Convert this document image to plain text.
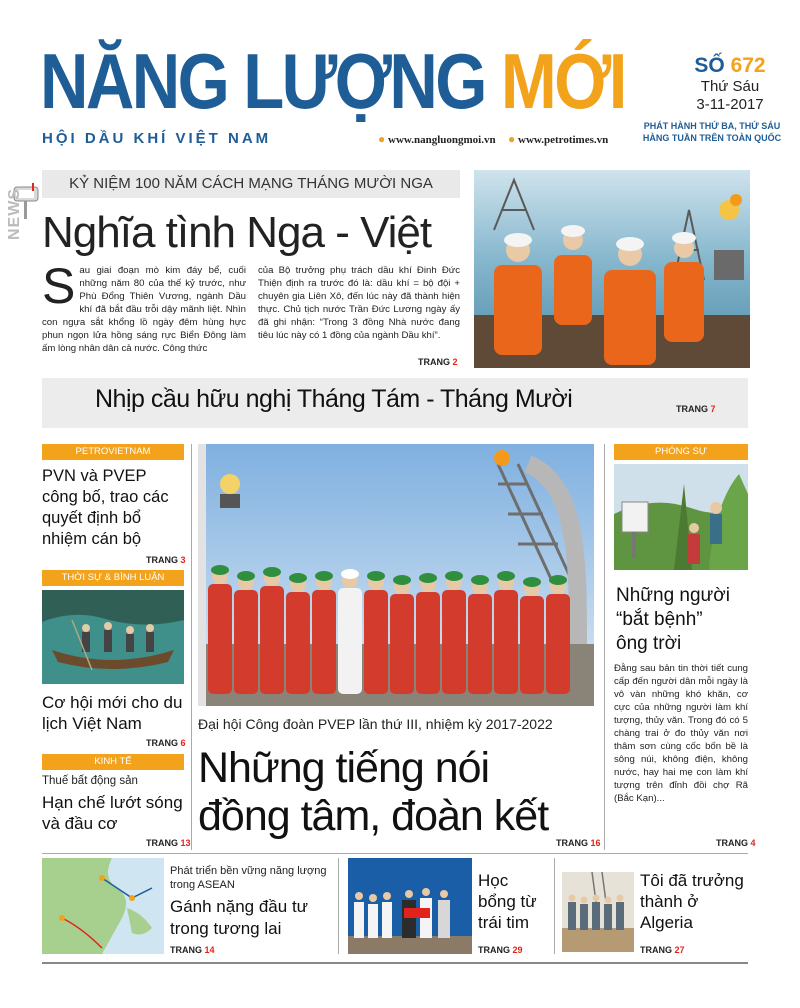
NĂNG LƯỢNG MỚI
HỘI DẦU KHÍ VIỆT NAM	● www.nangluongmoi.vn ● www.petrotimes.vn
SỐ 672
Thứ Sáu
3-11-2017
PHÁT HÀNH THỨ BA, THỨ SÁU
HÀNG TUẦN TRÊN TOÀN QUỐC
NEWS
KỶ NIỆM 100 NĂM CÁCH MẠNG THÁNG MƯỜI NGA
Nghĩa tình Nga - Việt
Sau giai đoạn mò kim đáy bể, cuối những năm 80 của thế kỷ trước, như Phù Đổng Thiên Vương, ngành Dầu khí đã bắt đầu trỗi dậy mãnh liệt. Nhìn con ngựa sắt khổng lồ ngày đêm hùng hực phun ngọn lửa hồng sáng rực Biển Đông làm ấm lòng nhân dân cả nước. Công thức
của Bộ trưởng phụ trách dầu khí Đinh Đức Thiện định ra trước đó là: dầu khí = bộ đội + chuyên gia Liên Xô, đến lúc này đã thành hiện thực. Chủ tịch nước Trần Đức Lương ngày ấy đã ghi nhận: “Trong 3 đồng Nhà nước đang tiêu lúc này có 1 đồng của ngành Dầu khí”.
TRANG 2
Nhịp cầu hữu nghị Tháng Tám - Tháng Mười	TRANG 7
PETROVIETNAM
PVN và PVEP công bố, trao các quyết định bổ nhiệm cán bộ
TRANG 3
THỜI SỰ & BÌNH LUẬN
Cơ hội mới cho du lịch Việt Nam
TRANG 6
KINH TẾ
Thuế bất động sản
Hạn chế lướt sóng và đầu cơ
TRANG 13
Đại hội Công đoàn PVEP lần thứ III, nhiệm kỳ 2017-2022
Những tiếng nói
đồng tâm, đoàn kết
TRANG 16
PHÓNG SỰ
Những người
“bắt bệnh”
ông trời
Đằng sau bản tin thời tiết cung cấp đến người dân mỗi ngày là vô vàn những khó khăn, cơ cực của những người làm khí tượng, thủy văn. Trong đó có 5 chàng trai ở đo thủy văn nơi thâm sơn cùng cốc bốn bề là sông núi, không điện, không nước, hay hai mẹ con làm khí tượng trên đỉnh đồi chợ Rã (Bắc Kạn)...
TRANG 4
Phát triển bền vững năng lượng trong ASEAN
Gánh nặng đầu tư trong tương lai
TRANG 14
Học bổng từ trái tim
TRANG 29
Tôi đã trưởng thành ở Algeria
TRANG 27
